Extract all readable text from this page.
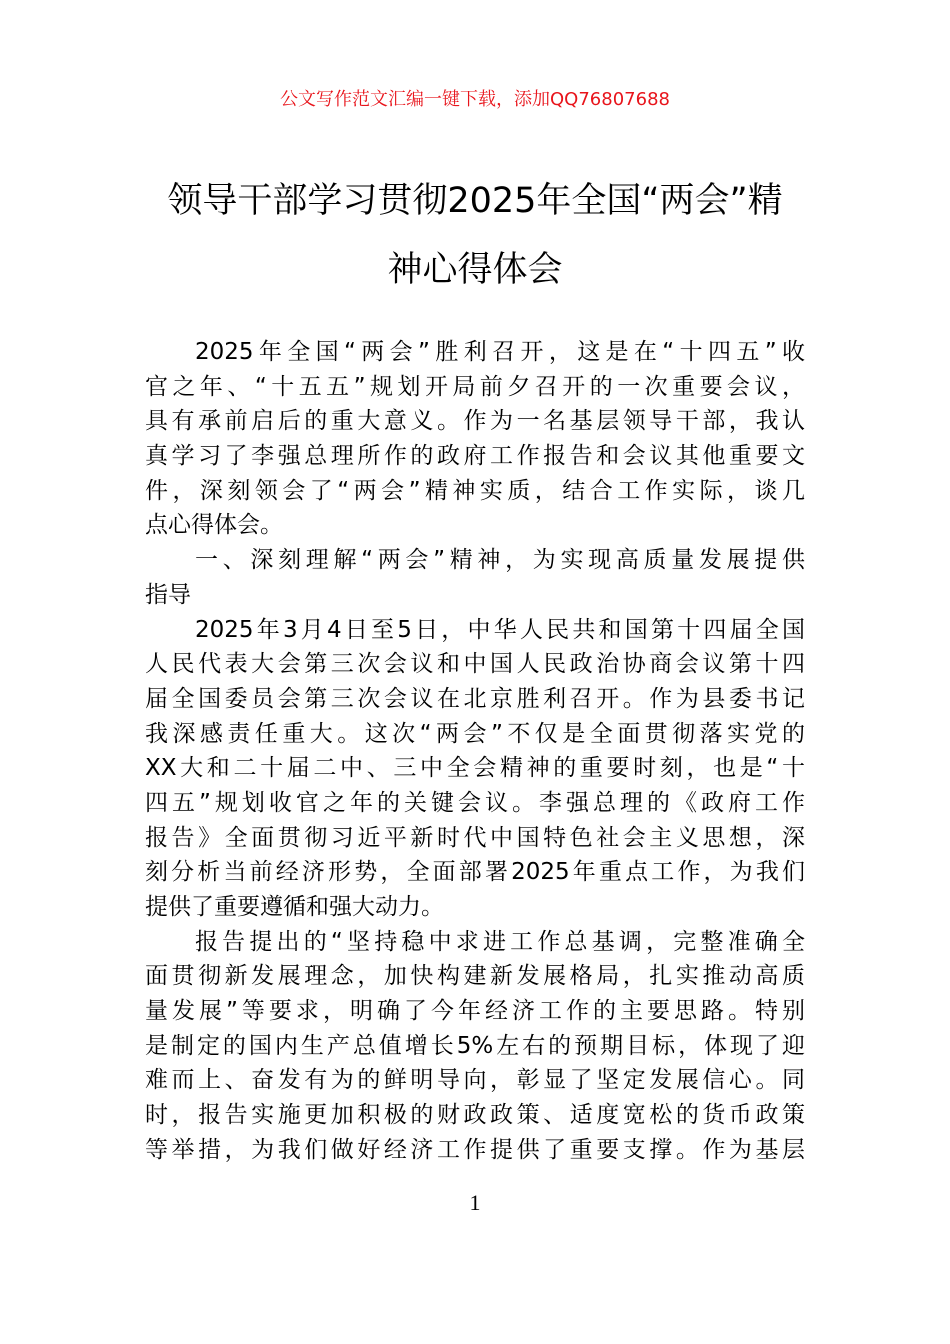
公文写作范文汇编一键下载，添加QQ76807688
领导干部学习贯彻2025年全国“两会”精
神心得体会
2025年全国“两会”胜利召开，这是在“十四五”收
官之年、“十五五”规划开局前夕召开的一次重要会议，
具有承前启后的重大意义。作为一名基层领导干部，我认
真学习了李强总理所作的政府工作报告和会议其他重要文
件，深刻领会了“两会”精神实质，结合工作实际，谈几
点心得体会。
一、深刻理解“两会”精神，为实现高质量发展提供
指导
2025年3月4日至5日，中华人民共和国第十四届全国
人民代表大会第三次会议和中国人民政治协商会议第十四
届全国委员会第三次会议在北京胜利召开。作为县委书记
我深感责任重大。这次“两会”不仅是全面贯彻落实党的
XX大和二十届二中、三中全会精神的重要时刻，也是“十
四五”规划收官之年的关键会议。李强总理的《政府工作
报告》全面贯彻习近平新时代中国特色社会主义思想，深
刻分析当前经济形势，全面部署2025年重点工作，为我们
提供了重要遵循和强大动力。
报告提出的“坚持稳中求进工作总基调，完整准确全
面贯彻新发展理念，加快构建新发展格局，扎实推动高质
量发展”等要求，明确了今年经济工作的主要思路。特别
是制定的国内生产总值增长5%左右的预期目标，体现了迎
难而上、奋发有为的鲜明导向，彰显了坚定发展信心。同
时，报告实施更加积极的财政政策、适度宽松的货币政策
等举措，为我们做好经济工作提供了重要支撑。作为基层
1
